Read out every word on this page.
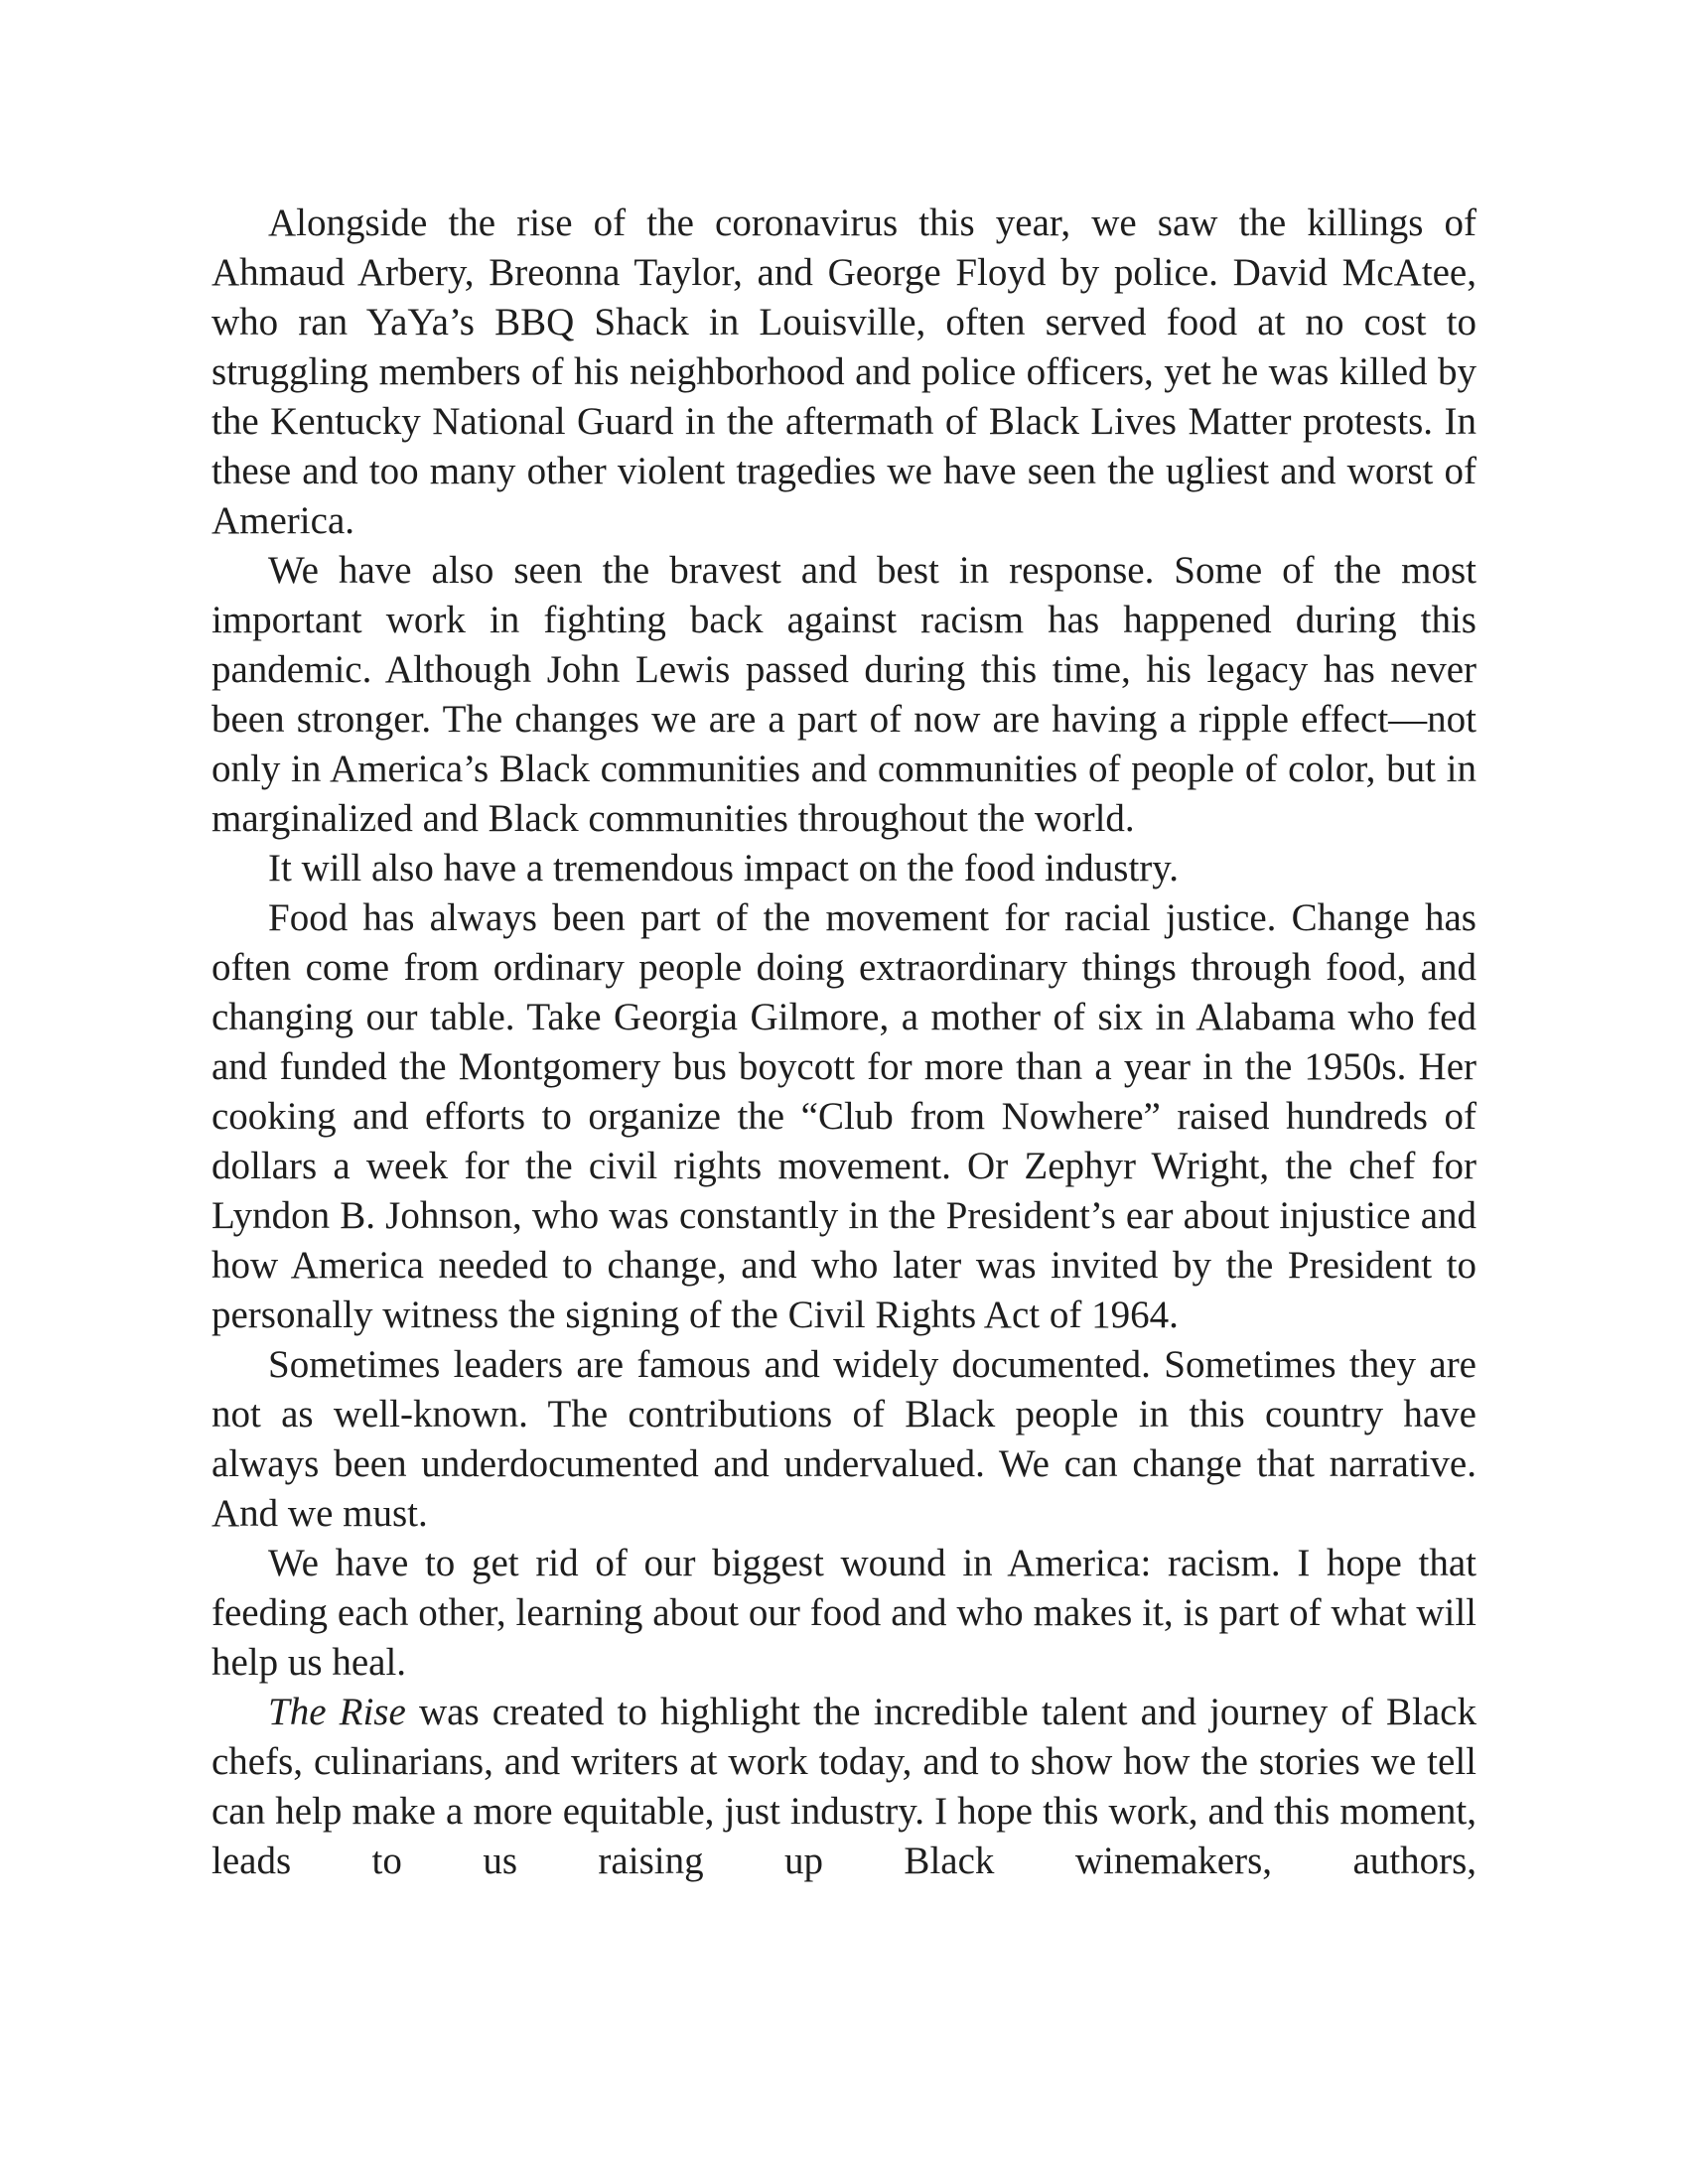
Alongside the rise of the coronavirus this year, we saw the killings of Ahmaud Arbery, Breonna Taylor, and George Floyd by police. David McAtee, who ran YaYa’s BBQ Shack in Louisville, often served food at no cost to struggling members of his neighborhood and police officers, yet he was killed by the Kentucky National Guard in the aftermath of Black Lives Matter protests. In these and too many other violent tragedies we have seen the ugliest and worst of America.

We have also seen the bravest and best in response. Some of the most important work in fighting back against racism has happened during this pandemic. Although John Lewis passed during this time, his legacy has never been stronger. The changes we are a part of now are having a ripple effect—not only in America’s Black communities and communities of people of color, but in marginalized and Black communities throughout the world.

It will also have a tremendous impact on the food industry.

Food has always been part of the movement for racial justice. Change has often come from ordinary people doing extraordinary things through food, and changing our table. Take Georgia Gilmore, a mother of six in Alabama who fed and funded the Montgomery bus boycott for more than a year in the 1950s. Her cooking and efforts to organize the “Club from Nowhere” raised hundreds of dollars a week for the civil rights movement. Or Zephyr Wright, the chef for Lyndon B. Johnson, who was constantly in the President’s ear about injustice and how America needed to change, and who later was invited by the President to personally witness the signing of the Civil Rights Act of 1964.

Sometimes leaders are famous and widely documented. Sometimes they are not as well-known. The contributions of Black people in this country have always been underdocumented and undervalued. We can change that narrative. And we must.

We have to get rid of our biggest wound in America: racism. I hope that feeding each other, learning about our food and who makes it, is part of what will help us heal.

The Rise was created to highlight the incredible talent and journey of Black chefs, culinarians, and writers at work today, and to show how the stories we tell can help make a more equitable, just industry. I hope this work, and this moment, leads to us raising up Black winemakers, authors,
